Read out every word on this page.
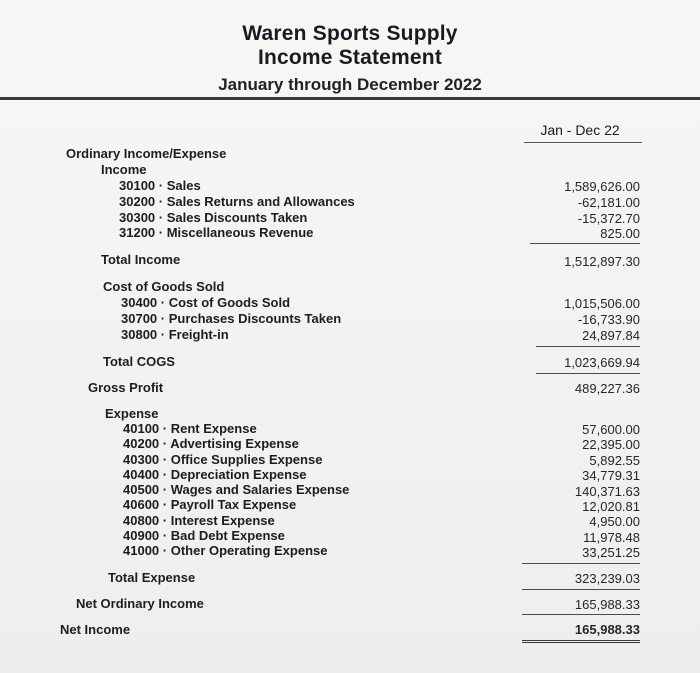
Waren Sports Supply
Income Statement
January through December 2022
Jan - Dec 22
Ordinary Income/Expense
Income
30100 · Sales	1,589,626.00
30200 · Sales Returns and Allowances	-62,181.00
30300 · Sales Discounts Taken	-15,372.70
31200 · Miscellaneous Revenue	825.00
Total Income	1,512,897.30
Cost of Goods Sold
30400 · Cost of Goods Sold	1,015,506.00
30700 · Purchases Discounts Taken	-16,733.90
30800 · Freight-in	24,897.84
Total COGS	1,023,669.94
Gross Profit	489,227.36
Expense
40100 · Rent Expense	57,600.00
40200 · Advertising Expense	22,395.00
40300 · Office Supplies Expense	5,892.55
40400 · Depreciation Expense	34,779.31
40500 · Wages and Salaries Expense	140,371.63
40600 · Payroll Tax Expense	12,020.81
40800 · Interest Expense	4,950.00
40900 · Bad Debt Expense	11,978.48
41000 · Other Operating Expense	33,251.25
Total Expense	323,239.03
Net Ordinary Income	165,988.33
Net Income	165,988.33
